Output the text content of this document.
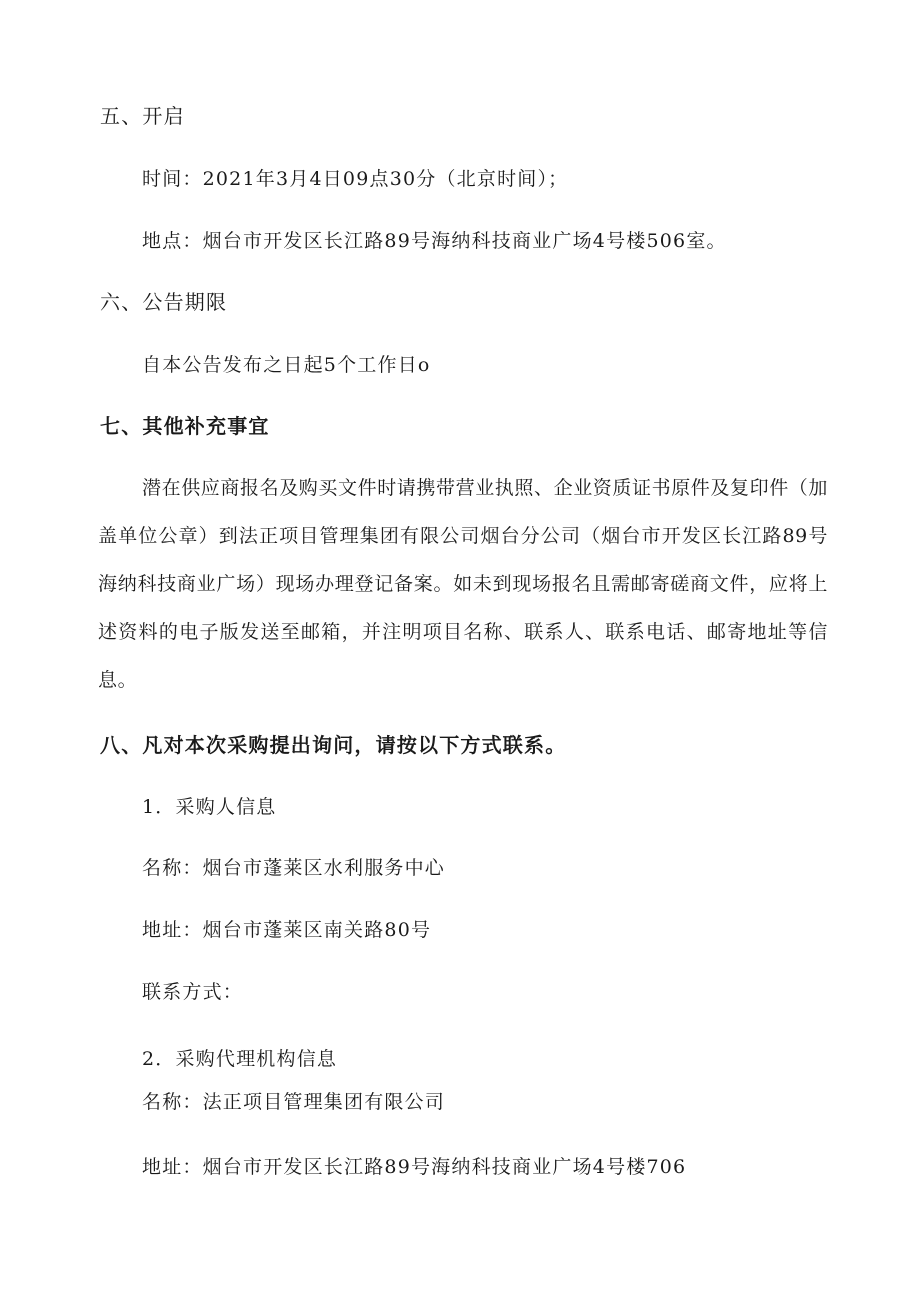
五、开启
时间：2021年3月4日09点30分（北京时间）；
地点：烟台市开发区长江路89号海纳科技商业广场4号楼506室。
六、公告期限
自本公告发布之日起5个工作日o
七、其他补充事宜
潜在供应商报名及购买文件时请携带营业执照、企业资质证书原件及复印件（加盖单位公章）到法正项目管理集团有限公司烟台分公司（烟台市开发区长江路89号海纳科技商业广场）现场办理登记备案。如未到现场报名且需邮寄磋商文件，应将上述资料的电子版发送至邮箱，并注明项目名称、联系人、联系电话、邮寄地址等信息。
八、凡对本次采购提出询问，请按以下方式联系。
1．采购人信息
名称：烟台市蓬莱区水利服务中心
地址：烟台市蓬莱区南关路80号
联系方式：
2．采购代理机构信息
名称：法正项目管理集团有限公司
地址：烟台市开发区长江路89号海纳科技商业广场4号楼706
